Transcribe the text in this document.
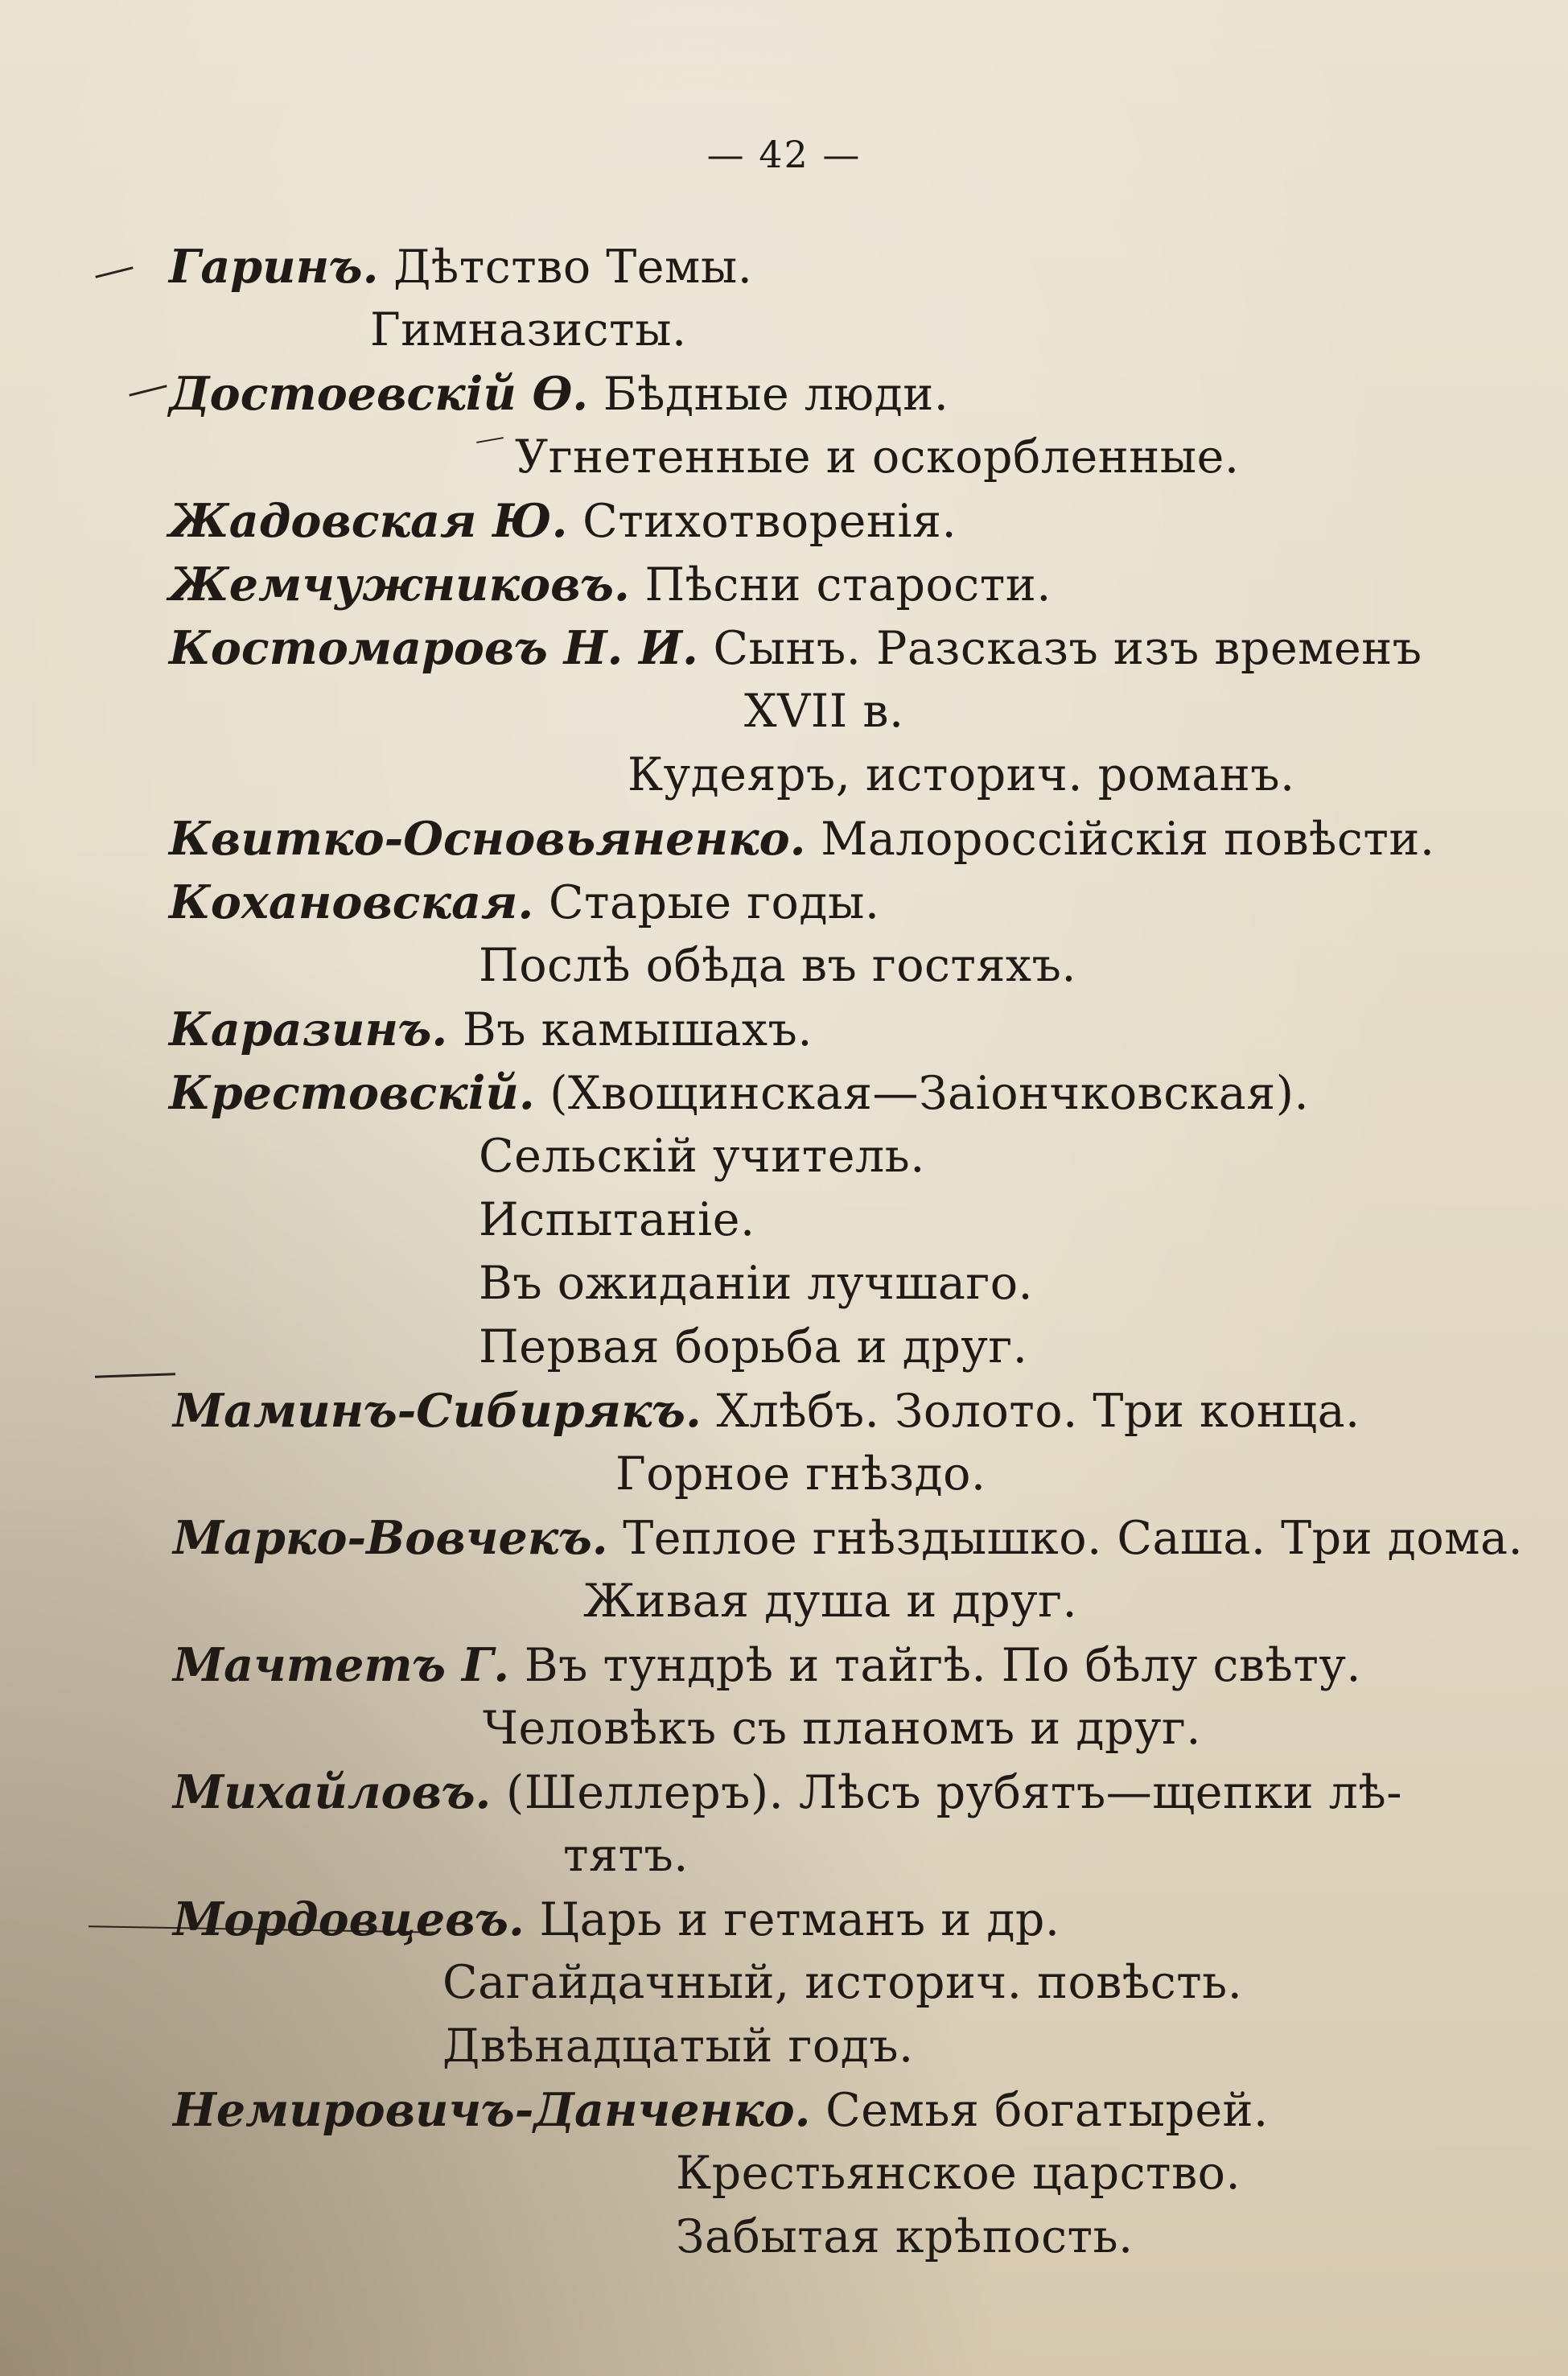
— 42 —
Гаринъ. Дѣтство Темы.
Гимназисты.
Достоевскій Ѳ. Бѣдные люди.
Угнетенные и оскорбленные.
Жадовская Ю. Стихотворенія.
Жемчужниковъ. Пѣсни старости.
Костомаровъ Н. И. Сынъ. Разсказъ изъ временъ
XVII в.
Кудеяръ, историч. романъ.
Квитко-Основьяненко. Малороссійскія повѣсти.
Кохановская. Старые годы.
Послѣ обѣда въ гостяхъ.
Каразинъ. Въ камышахъ.
Крестовскій. (Хвощинская—Заіончковская).
Сельскій учитель.
Испытаніе.
Въ ожиданіи лучшаго.
Первая борьба и друг.
Маминъ-Сибирякъ. Хлѣбъ. Золото. Три конца.
Горное гнѣздо.
Марко-Вовчекъ. Теплое гнѣздышко. Саша. Три дома.
Живая душа и друг.
Мачтетъ Г. Въ тундрѣ и тайгѣ. По бѣлу свѣту.
Человѣкъ съ планомъ и друг.
Михайловъ. (Шеллеръ). Лѣсъ рубятъ—щепки лѣ-
тятъ.
Мордовцевъ. Царь и гетманъ и др.
Сагайдачный, историч. повѣсть.
Двѣнадцатый годъ.
Немировичъ-Данченко. Семья богатырей.
Крестьянское царство.
Забытая крѣпость.
